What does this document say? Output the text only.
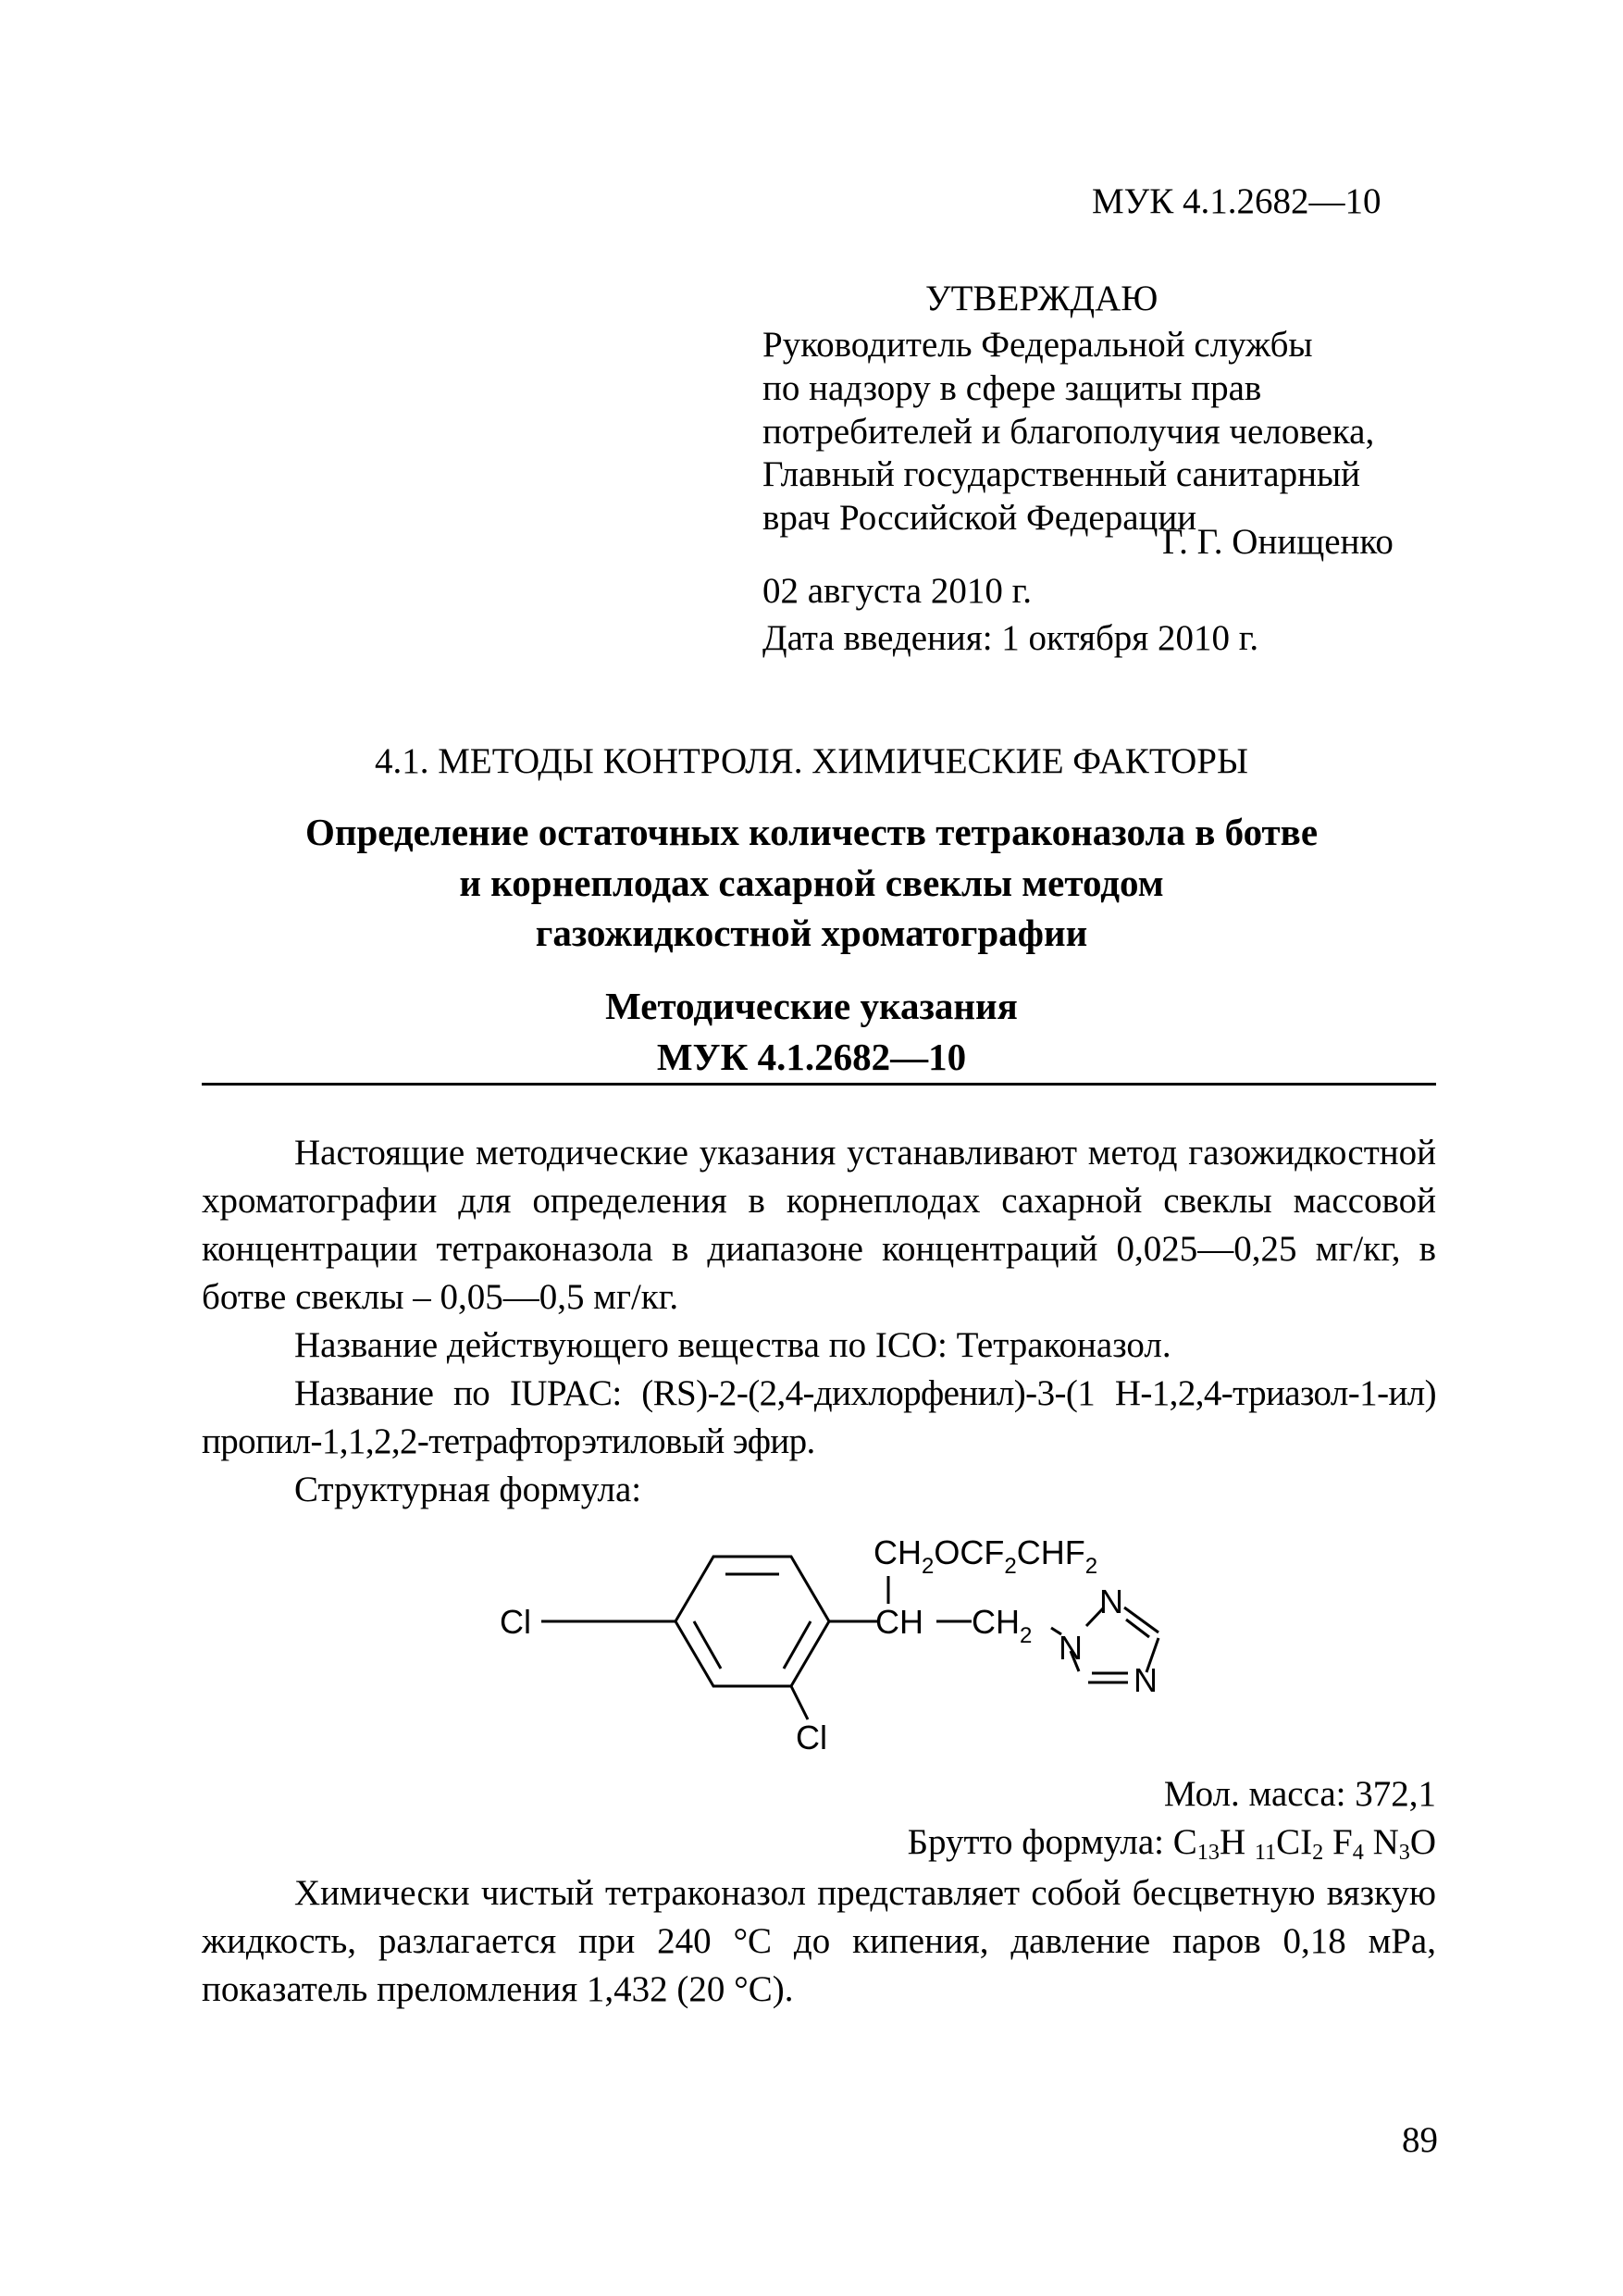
МУК 4.1.2682—10
УТВЕРЖДАЮ
Руководитель Федеральной службы
по надзору в сфере защиты прав
потребителей и благополучия человека,
Главный государственный санитарный
врач Российской Федерации
Г. Г. Онищенко
02 августа 2010 г.
Дата введения: 1 октября 2010 г.
4.1. МЕТОДЫ КОНТРОЛЯ. ХИМИЧЕСКИЕ ФАКТОРЫ
Определение остаточных количеств тетраконазола в ботве
и корнеплодах сахарной свеклы методом
газожидкостной хроматографии
Методические указания
МУК 4.1.2682—10
Настоящие методические указания устанавливают метод газожидкостной хроматографии для определения в корнеплодах сахарной свеклы массовой концентрации тетраконазола в диапазоне концентраций 0,025—0,25 мг/кг, в ботве свеклы – 0,05—0,5 мг/кг.
Название действующего вещества по ICO: Тетраконазол.
Название по IUPAC: (RS)-2-(2,4-дихлорфенил)-3-(1 H-1,2,4-триазол-1-ил) пропил-1,1,2,2-тетрафторэтиловый эфир.
Структурная формула:
Cl
Cl
CH $CH_2$
$CH_2OCF_2CHF_2$
N
N
N
Мол. масса: 372,1
Брутто формула: $C_{13}H$ $_{11}CI_2$ $F_4$ $N_3O$
Химически чистый тетраконазол представляет собой бесцветную вязкую жидкость, разлагается при 240 °С до кипения, давление паров 0,18 мРа, показатель преломления 1,432 (20 °С).
89
